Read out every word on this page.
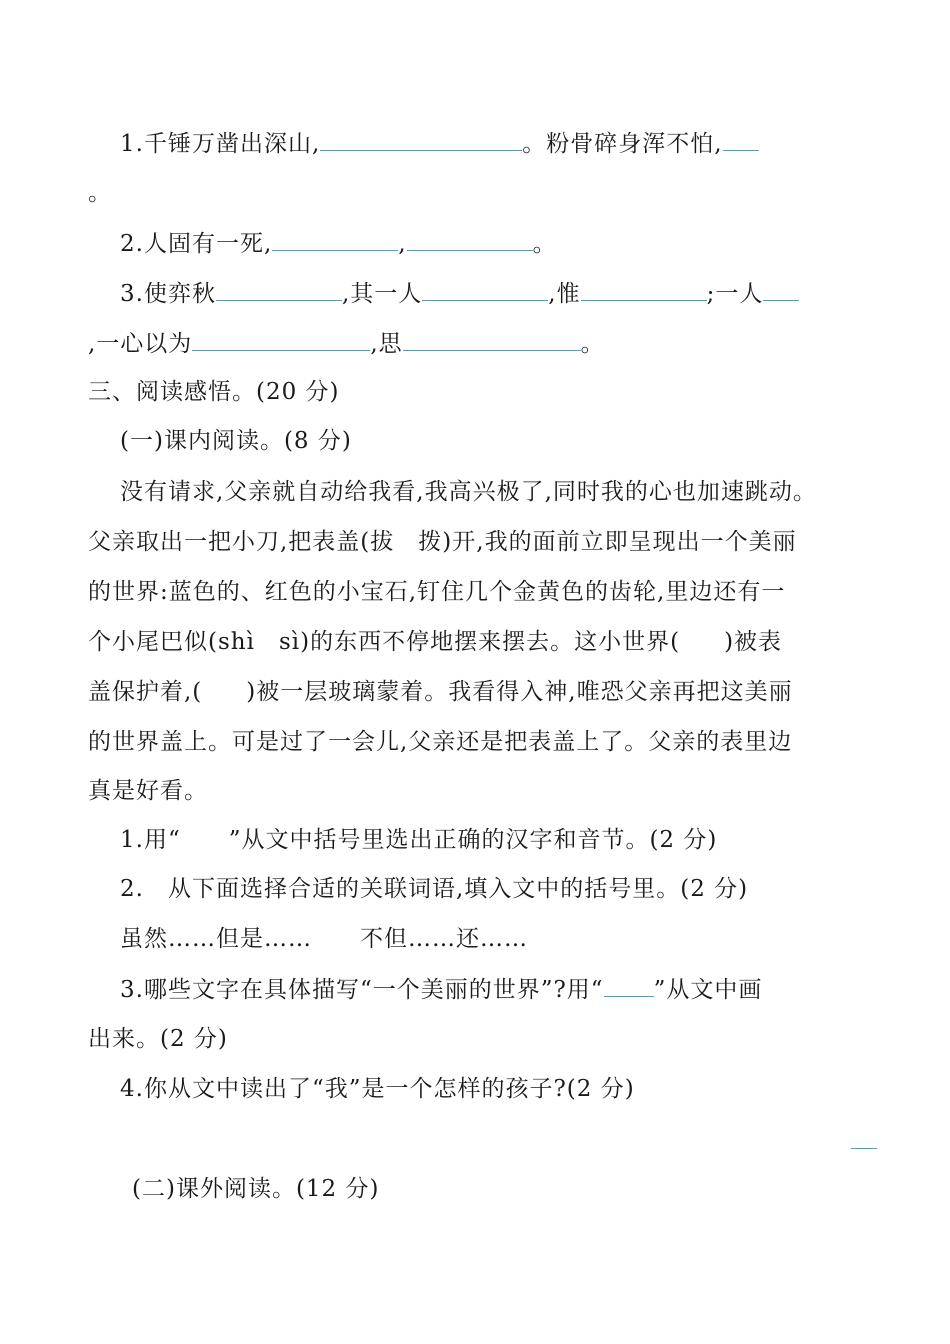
1.千锤万凿出深山,	。粉骨碎身浑不怕,
。
2.人固有一死,	,	。
3.使弈秋	,其一人	,惟	;一人
,一心以为	,思	。
三、阅读感悟。(20 分)
(一)课内阅读。(8 分)
没有请求,父亲就自动给我看,我高兴极了,同时我的心也加速跳动。
父亲取出一把小刀,把表盖(拔　拨)开,我的面前立即呈现出一个美丽
的世界:蓝色的、红色的小宝石,钉住几个金黄色的齿轮,里边还有一
个小尾巴似(shì　sì)的东西不停地摆来摆去。这小世界( )被表
盖保护着,( )被一层玻璃蒙着。我看得入神,唯恐父亲再把这美丽
的世界盖上。可是过了一会儿,父亲还是把表盖上了。父亲的表里边
真是好看。
1.用“　　”从文中括号里选出正确的汉字和音节。(2 分)
2.　从下面选择合适的关联词语,填入文中的括号里。(2 分)
虽然……但是……　　不但……还……
3.哪些文字在具体描写“一个美丽的世界”?用“ ”从文中画
出来。(2 分)
4.你从文中读出了“我”是一个怎样的孩子?(2 分)
(二)课外阅读。(12 分)
